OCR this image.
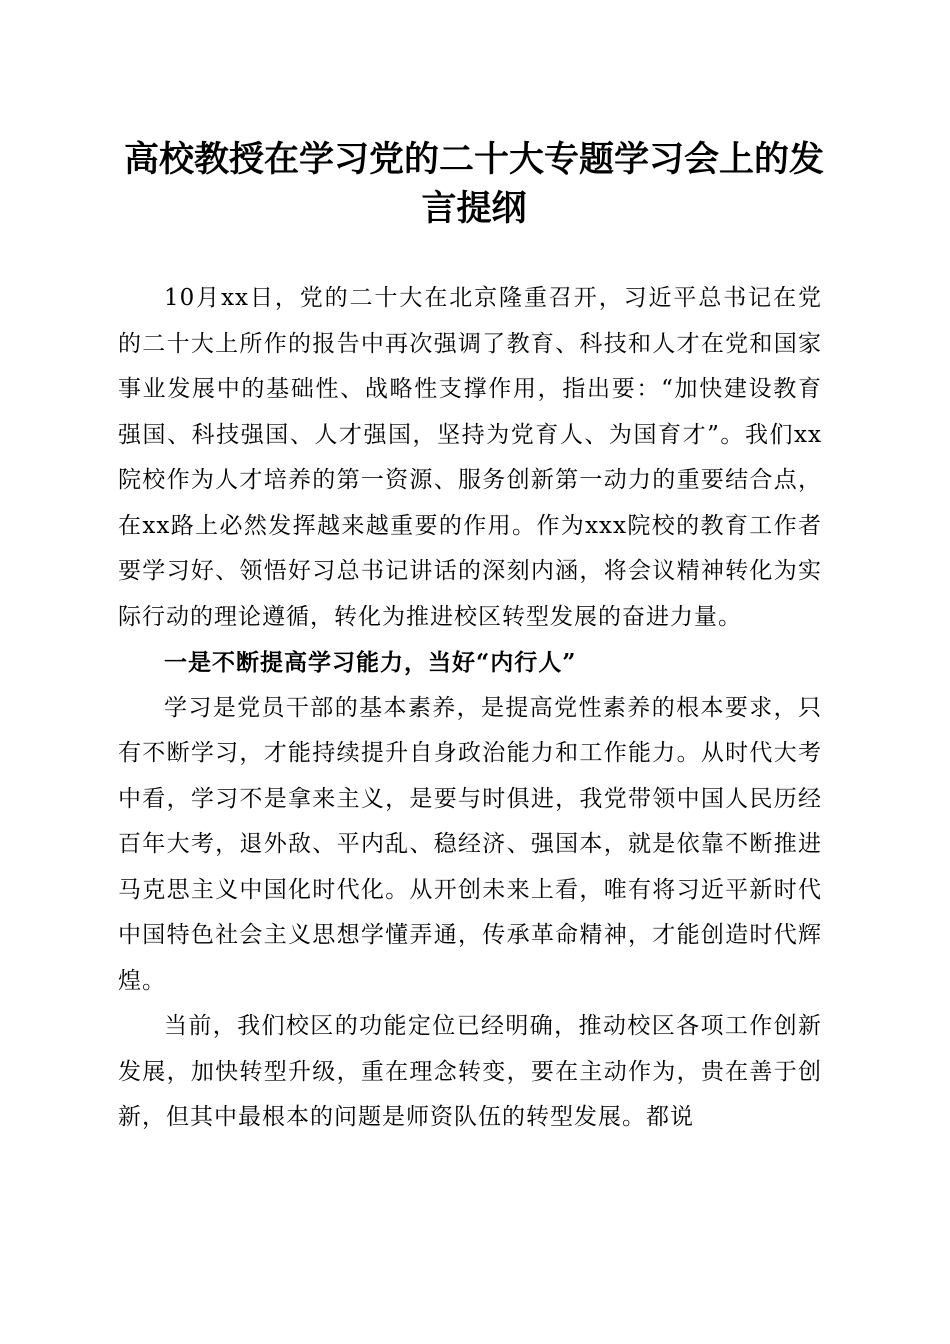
高校教授在学习党的二十大专题学习会上的发言提纲

10月xx日，党的二十大在北京隆重召开，习近平总书记在党的二十大上所作的报告中再次强调了教育、科技和人才在党和国家事业发展中的基础性、战略性支撑作用，指出要：“加快建设教育强国、科技强国、人才强国，坚持为党育人、为国育才”。我们xx院校作为人才培养的第一资源、服务创新第一动力的重要结合点，在xx路上必然发挥越来越重要的作用。作为xxx院校的教育工作者要学习好、领悟好习总书记讲话的深刻内涵，将会议精神转化为实际行动的理论遵循，转化为推进校区转型发展的奋进力量。

一是不断提高学习能力，当好“内行人”

学习是党员干部的基本素养，是提高党性素养的根本要求，只有不断学习，才能持续提升自身政治能力和工作能力。从时代大考中看，学习不是拿来主义，是要与时俱进，我党带领中国人民历经百年大考，退外敌、平内乱、稳经济、强国本，就是依靠不断推进马克思主义中国化时代化。从开创未来上看，唯有将习近平新时代中国特色社会主义思想学懂弄通，传承革命精神，才能创造时代辉煌。

当前，我们校区的功能定位已经明确，推动校区各项工作创新发展，加快转型升级，重在理念转变，要在主动作为，贵在善于创新，但其中最根本的问题是师资队伍的转型发展。都说
